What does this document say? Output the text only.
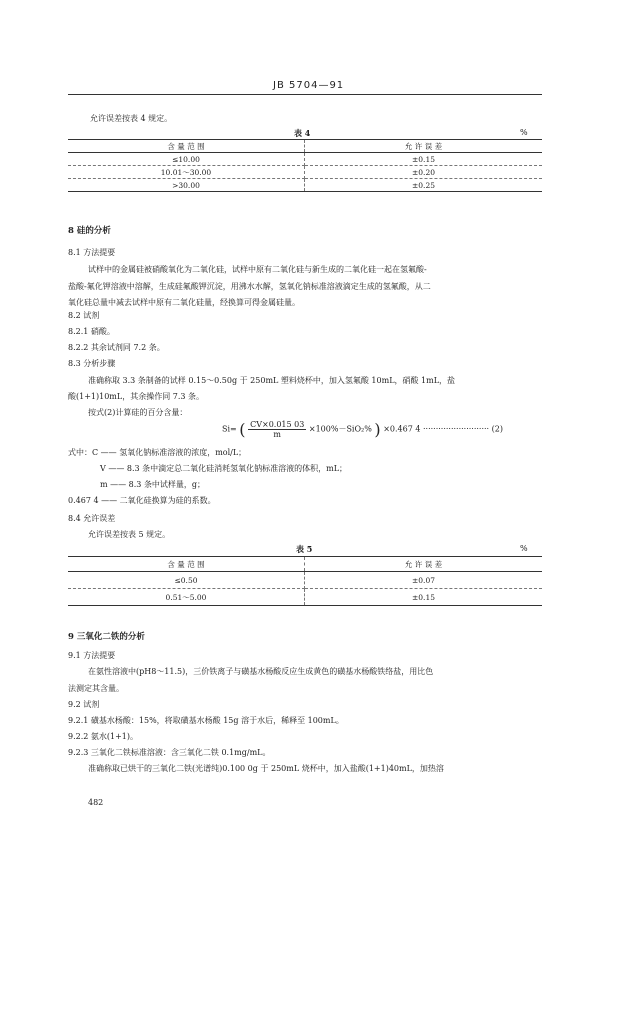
JB 5704—91
允许误差按表 4 规定。
表 4	%
含 量 范 围	允 许 误 差
≤10.00	±0.15
10.01～30.00	±0.20
>30.00	±0.25
8 硅的分析
8.1 方法提要
试样中的金属硅被硝酸氧化为二氧化硅，试样中原有二氧化硅与新生成的二氧化硅一起在氢氟酸-
盐酸-氟化钾溶液中溶解，生成硅氟酸钾沉淀，用沸水水解，氢氧化钠标准溶液滴定生成的氢氟酸，从二
氧化硅总量中减去试样中原有二氧化硅量，经换算可得金属硅量。
8.2 试剂
8.2.1 硝酸。
8.2.2 其余试剂同 7.2 条。
8.3 分析步骤
准确称取 3.3 条制备的试样 0.15～0.50g 于 250mL 塑料烧杯中，加入氢氟酸 10mL，硝酸 1mL，盐
酸(1+1)10mL，其余操作同 7.3 条。
按式(2)计算硅的百分含量：
Si= ( $\frac{CV\times 0.015 03}{m} \times 100\%-SiO_2\%$ ) ×0.467 4 ·························· (2)
式中：C —— 氢氧化钠标准溶液的浓度，mol/L；
V —— 8.3 条中滴定总二氧化硅消耗氢氧化钠标准溶液的体积，mL；
m —— 8.3 条中试样量，g；
0.467 4 —— 二氧化硅换算为硅的系数。
8.4 允许误差
允许误差按表 5 规定。
表 5	%
含 量 范 围	允 许 误 差
≤0.50	±0.07
0.51～5.00	±0.15
9 三氧化二铁的分析
9.1 方法提要
在氨性溶液中(pH8～11.5)，三价铁离子与磺基水杨酸反应生成黄色的磺基水杨酸铁络盐，用比色
法测定其含量。
9.2 试剂
9.2.1 磺基水杨酸：15%，将取磺基水杨酸 15g 溶于水后，稀释至 100mL。
9.2.2 氨水(1+1)。
9.2.3 三氧化二铁标准溶液：含三氧化二铁 0.1mg/mL。
准确称取已烘干的三氧化二铁(光谱纯)0.100 0g 于 250mL 烧杯中，加入盐酸(1+1)40mL，加热溶
482
